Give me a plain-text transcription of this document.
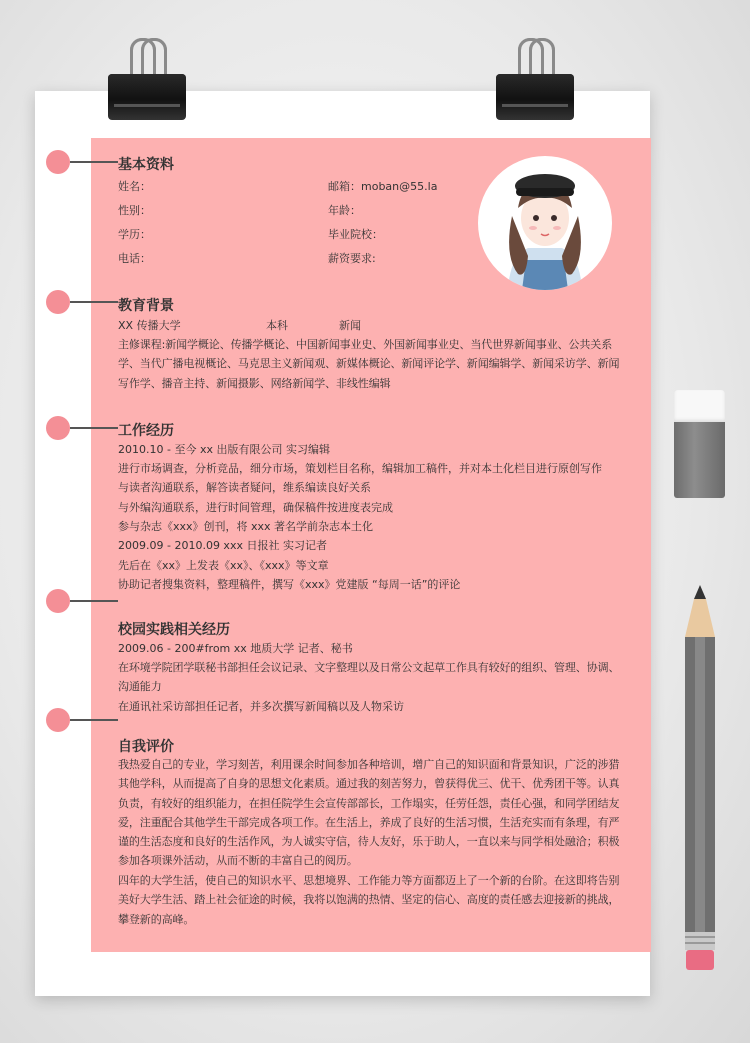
基本资料
姓名：	邮箱：moban@55.la
性别：	年龄：
学历：	毕业院校：
电话：	薪资要求:
教育背景
XX 传播大学	本科	新闻
主修课程:新闻学概论、传播学概论、中国新闻事业史、外国新闻事业史、当代世界新闻事业、公共关系学、当代广播电视概论、马克思主义新闻观、新媒体概论、新闻评论学、新闻编辑学、新闻采访学、新闻写作学、播音主持、新闻摄影、网络新闻学、非线性编辑
工作经历
2010.10 - 至今 xx 出版有限公司 实习编辑
进行市场调查，分析竞品，细分市场，策划栏目名称，编辑加工稿件，并对本土化栏目进行原创写作
与读者沟通联系，解答读者疑问，维系编读良好关系
与外编沟通联系，进行时间管理，确保稿件按进度表完成
参与杂志《xxx》创刊，将 xxx 著名学前杂志本土化
2009.09 - 2010.09 xxx 日报社 实习记者
先后在《xx》上发表《xx》、《xxx》等文章
协助记者搜集资料，整理稿件，撰写《xxx》党建版 “每周一话”的评论
校园实践相关经历
2009.06 - 200#from xx 地质大学 记者、秘书
在环境学院团学联秘书部担任会议记录、文字整理以及日常公文起草工作具有较好的组织、管理、协调、沟通能力
在通讯社采访部担任记者，并多次撰写新闻稿以及人物采访
自我评价
我热爱自己的专业，学习刻苦，利用课余时间参加各种培训，增广自己的知识面和背景知识，广泛的涉猎其他学科，从而提高了自身的思想文化素质。通过我的刻苦努力，曾获得优三、优干、优秀团干等。认真负责，有较好的组织能力，在担任院学生会宣传部部长，工作塌实，任劳任怨，责任心强，和同学团结友爱，注重配合其他学生干部完成各项工作。在生活上，养成了良好的生活习惯，生活充实而有条理，有严谨的生活态度和良好的生活作风，为人诚实守信，待人友好，乐于助人，一直以来与同学相处融洽；积极参加各项课外活动，从而不断的丰富自己的阅历。
四年的大学生活，使自己的知识水平、思想境界、工作能力等方面都迈上了一个新的台阶。在这即将告别美好大学生活、踏上社会征途的时候，我将以饱满的热情、坚定的信心、高度的责任感去迎接新的挑战，攀登新的高峰。
